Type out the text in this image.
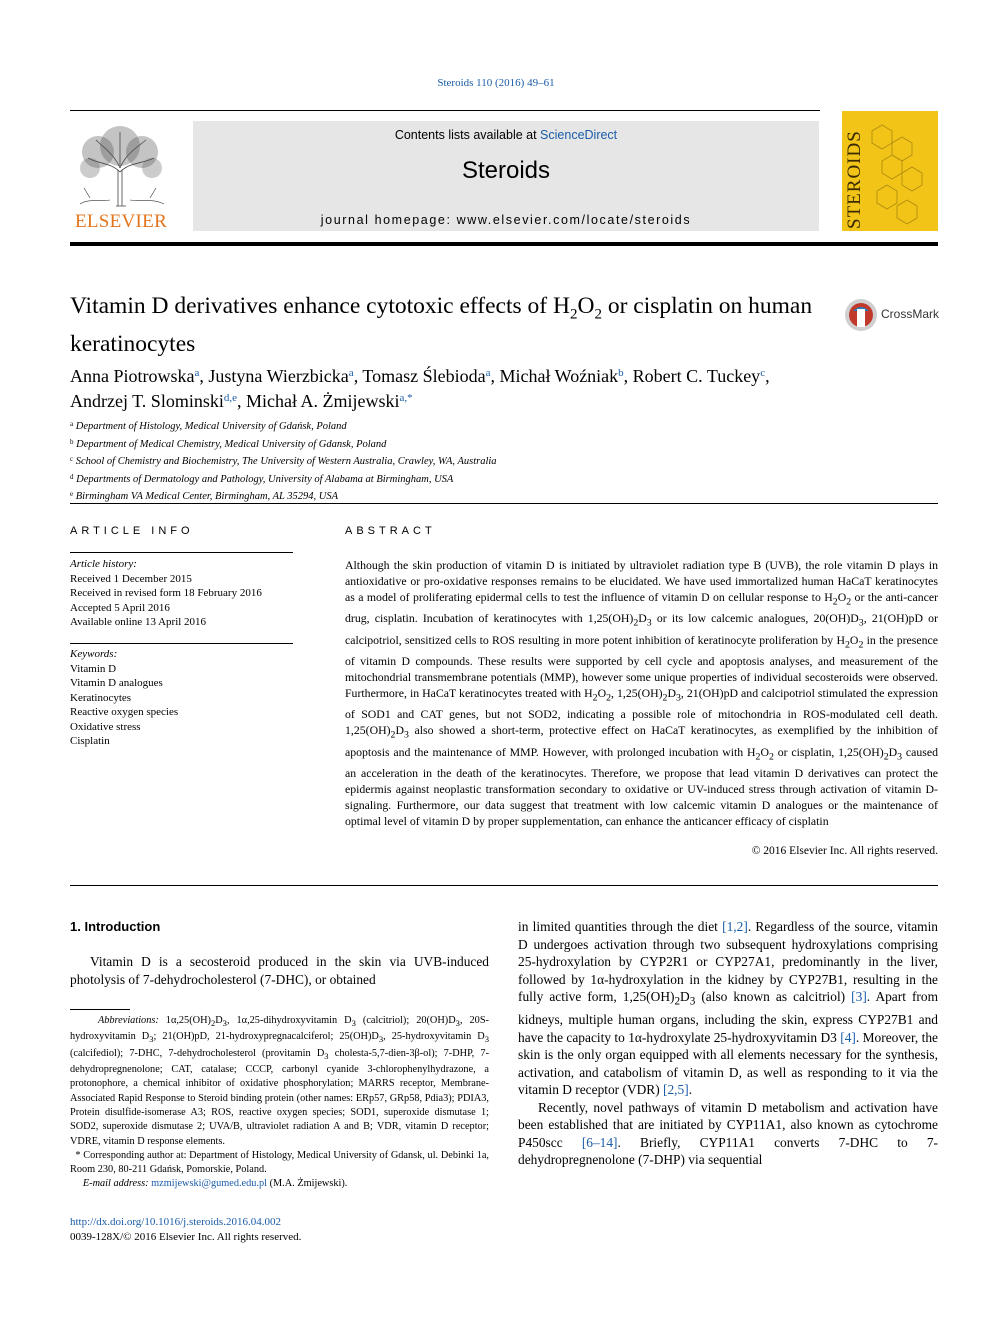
Steroids 110 (2016) 49–61
ELSEVIER
Contents lists available at ScienceDirect
Steroids
journal homepage: www.elsevier.com/locate/steroids	STEROIDS
Vitamin D derivatives enhance cytotoxic effects of $H_2O_2$ or cisplatin on human keratinocytes
CrossMark
Anna Piotrowska$^a$, Justyna Wierzbicka$^a$, Tomasz Ślebioda$^a$, Michał Woźniak$^b$, Robert C. Tuckey$^c$,
Andrzej T. Slominski$^{d,e}$, Michał A. Żmijewski$^{a,*}$
$^a$ Department of Histology, Medical University of Gdańsk, Poland
$^b$ Department of Medical Chemistry, Medical University of Gdansk, Poland
$^c$ School of Chemistry and Biochemistry, The University of Western Australia, Crawley, WA, Australia
$^d$ Departments of Dermatology and Pathology, University of Alabama at Birmingham, USA
$^e$ Birmingham VA Medical Center, Birmingham, AL 35294, USA
ARTICLE INFO	ABSTRACT
Article history:
Received 1 December 2015
Received in revised form 18 February 2016
Accepted 5 April 2016
Available online 13 April 2016
Keywords:
Vitamin D
Vitamin D analogues
Keratinocytes
Reactive oxygen species
Oxidative stress
Cisplatin
Although the skin production of vitamin D is initiated by ultraviolet radiation type B (UVB), the role vitamin D plays in antioxidative or pro-oxidative responses remains to be elucidated. We have used immortalized human HaCaT keratinocytes as a model of proliferating epidermal cells to test the influence of vitamin D on cellular response to $H_2O_2$ or the anti-cancer drug, cisplatin. Incubation of keratinocytes with $1,25(OH)_2D_3$ or its low calcemic analogues, $20(OH)D_3$, 21(OH)pD or calcipotriol, sensitized cells to ROS resulting in more potent inhibition of keratinocyte proliferation by $H_2O_2$ in the presence of vitamin D compounds. These results were supported by cell cycle and apoptosis analyses, and measurement of the mitochondrial transmembrane potentials (MMP), however some unique properties of individual secosteroids were observed. Furthermore, in HaCaT keratinocytes treated with $H_2O_2$, $1,25(OH)_2D_3$, 21(OH)pD and calcipotriol stimulated the expression of SOD1 and CAT genes, but not SOD2, indicating a possible role of mitochondria in ROS-modulated cell death. $1,25(OH)_2D_3$ also showed a short-term, protective effect on HaCaT keratinocytes, as exemplified by the inhibition of apoptosis and the maintenance of MMP. However, with prolonged incubation with $H_2O_2$ or cisplatin, $1,25(OH)_2D_3$ caused an acceleration in the death of the keratinocytes. Therefore, we propose that lead vitamin D derivatives can protect the epidermis against neoplastic transformation secondary to oxidative or UV-induced stress through activation of vitamin D-signaling. Furthermore, our data suggest that treatment with low calcemic vitamin D analogues or the maintenance of optimal level of vitamin D by proper supplementation, can enhance the anticancer efficacy of cisplatin
© 2016 Elsevier Inc. All rights reserved.
1. Introduction
Vitamin D is a secosteroid produced in the skin via UVB-induced photolysis of 7-dehydrocholesterol (7-DHC), or obtained
Abbreviations: $1\alpha,25(OH)_2D_3$, 1α,25-dihydroxyvitamin $D_3$ (calcitriol); $20(OH)D_3$, 20S-hydroxyvitamin $D_3$; 21(OH)pD, 21-hydroxypregnacalciferol; $25(OH)D_3$, 25-hydroxyvitamin $D_3$ (calcifediol); 7-DHC, 7-dehydrocholesterol (provitamin $D_3$ cholesta-5,7-dien-3β-ol); 7-DHP, 7-dehydropregnenolone; CAT, catalase; CCCP, carbonyl cyanide 3-chlorophenylhydrazone, a protonophore, a chemical inhibitor of oxidative phosphorylation; MARRS receptor, Membrane-Associated Rapid Response to Steroid binding protein (other names: ERp57, GRp58, Pdia3); PDIA3, Protein disulfide-isomerase A3; ROS, reactive oxygen species; SOD1, superoxide dismutase 1; SOD2, superoxide dismutase 2; UVA/B, ultraviolet radiation A and B; VDR, vitamin D receptor; VDRE, vitamin D response elements.
* Corresponding author at: Department of Histology, Medical University of Gdansk, ul. Debinki 1a, Room 230, 80-211 Gdańsk, Pomorskie, Poland.
E-mail address: mzmijewski@gumed.edu.pl (M.A. Żmijewski).

in limited quantities through the diet [1,2]. Regardless of the source, vitamin D undergoes activation through two subsequent hydroxylations comprising 25-hydroxylation by CYP2R1 or CYP27A1, predominantly in the liver, followed by 1α-hydroxylation in the kidney by CYP27B1, resulting in the fully active form, $1,25(OH)_2D_3$ (also known as calcitriol) [3]. Apart from kidneys, multiple human organs, including the skin, express CYP27B1 and have the capacity to 1α-hydroxylate 25-hydroxyvitamin D3 [4]. Moreover, the skin is the only organ equipped with all elements necessary for the synthesis, activation, and catabolism of vitamin D, as well as responding to it via the vitamin D receptor (VDR) [2,5].

Recently, novel pathways of vitamin D metabolism and activation have been established that are initiated by CYP11A1, also known as cytochrome P450scc [6–14]. Briefly, CYP11A1 converts 7-DHC to 7-dehydropregnenolone (7-DHP) via sequential

http://dx.doi.org/10.1016/j.steroids.2016.04.002
0039-128X/© 2016 Elsevier Inc. All rights reserved.
